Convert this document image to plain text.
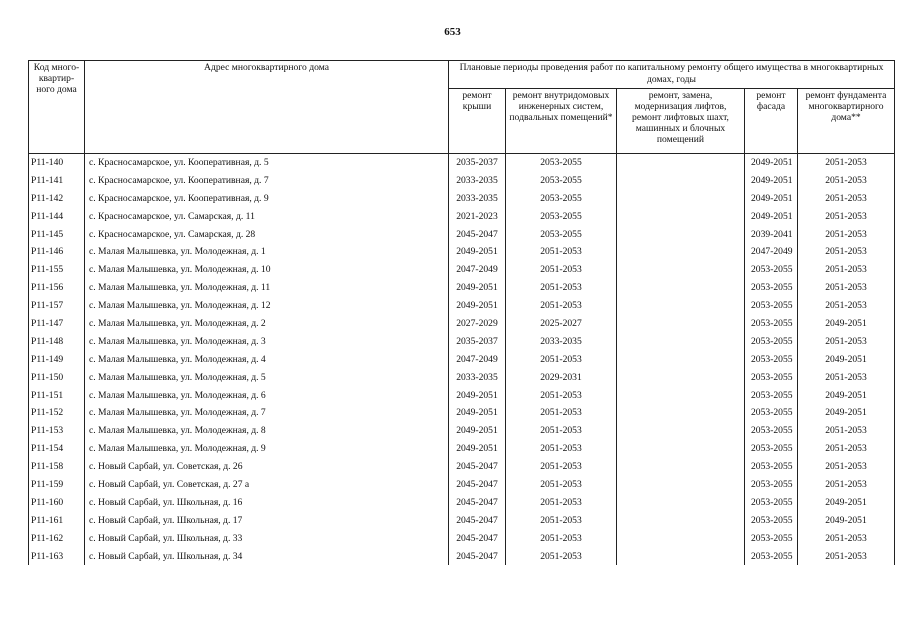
653
Код много-квартир-ного дома	Адрес многоквартирного дома	Плановые периоды проведения работ по капитальному ремонту общего имущества в многоквартирных домах, годы				
		ремонт крыши	ремонт внутридомовых инженерных систем, подвальных помещений*	ремонт, замена, модернизация лифтов, ремонт лифтовых шахт, машинных и блочных помещений	ремонт фасада	ремонт фундамента многоквартирного дома**
P11-140	с. Красносамарское, ул. Кооперативная, д. 5	2035-2037	2053-2055		2049-2051	2051-2053
P11-141	с. Красносамарское, ул. Кооперативная, д. 7	2033-2035	2053-2055		2049-2051	2051-2053
P11-142	с. Красносамарское, ул. Кооперативная, д. 9	2033-2035	2053-2055		2049-2051	2051-2053
P11-144	с. Красносамарское, ул. Самарская, д. 11	2021-2023	2053-2055		2049-2051	2051-2053
P11-145	с. Красносамарское, ул. Самарская, д. 28	2045-2047	2053-2055		2039-2041	2051-2053
P11-146	с. Малая Малышевка, ул. Молодежная, д. 1	2049-2051	2051-2053		2047-2049	2051-2053
P11-155	с. Малая Малышевка, ул. Молодежная, д. 10	2047-2049	2051-2053		2053-2055	2051-2053
P11-156	с. Малая Малышевка, ул. Молодежная, д. 11	2049-2051	2051-2053		2053-2055	2051-2053
P11-157	с. Малая Малышевка, ул. Молодежная, д. 12	2049-2051	2051-2053		2053-2055	2051-2053
P11-147	с. Малая Малышевка, ул. Молодежная, д. 2	2027-2029	2025-2027		2053-2055	2049-2051
P11-148	с. Малая Малышевка, ул. Молодежная, д. 3	2035-2037	2033-2035		2053-2055	2051-2053
P11-149	с. Малая Малышевка, ул. Молодежная, д. 4	2047-2049	2051-2053		2053-2055	2049-2051
P11-150	с. Малая Малышевка, ул. Молодежная, д. 5	2033-2035	2029-2031		2053-2055	2051-2053
P11-151	с. Малая Малышевка, ул. Молодежная, д. 6	2049-2051	2051-2053		2053-2055	2049-2051
P11-152	с. Малая Малышевка, ул. Молодежная, д. 7	2049-2051	2051-2053		2053-2055	2049-2051
P11-153	с. Малая Малышевка, ул. Молодежная, д. 8	2049-2051	2051-2053		2053-2055	2051-2053
P11-154	с. Малая Малышевка, ул. Молодежная, д. 9	2049-2051	2051-2053		2053-2055	2051-2053
P11-158	с. Новый Сарбай, ул. Советская, д. 26	2045-2047	2051-2053		2053-2055	2051-2053
P11-159	с. Новый Сарбай, ул. Советская, д. 27 а	2045-2047	2051-2053		2053-2055	2051-2053
P11-160	с. Новый Сарбай, ул. Школьная, д. 16	2045-2047	2051-2053		2053-2055	2049-2051
P11-161	с. Новый Сарбай, ул. Школьная, д. 17	2045-2047	2051-2053		2053-2055	2049-2051
P11-162	с. Новый Сарбай, ул. Школьная, д. 33	2045-2047	2051-2053		2053-2055	2051-2053
P11-163	с. Новый Сарбай, ул. Школьная, д. 34	2045-2047	2051-2053		2053-2055	2051-2053
